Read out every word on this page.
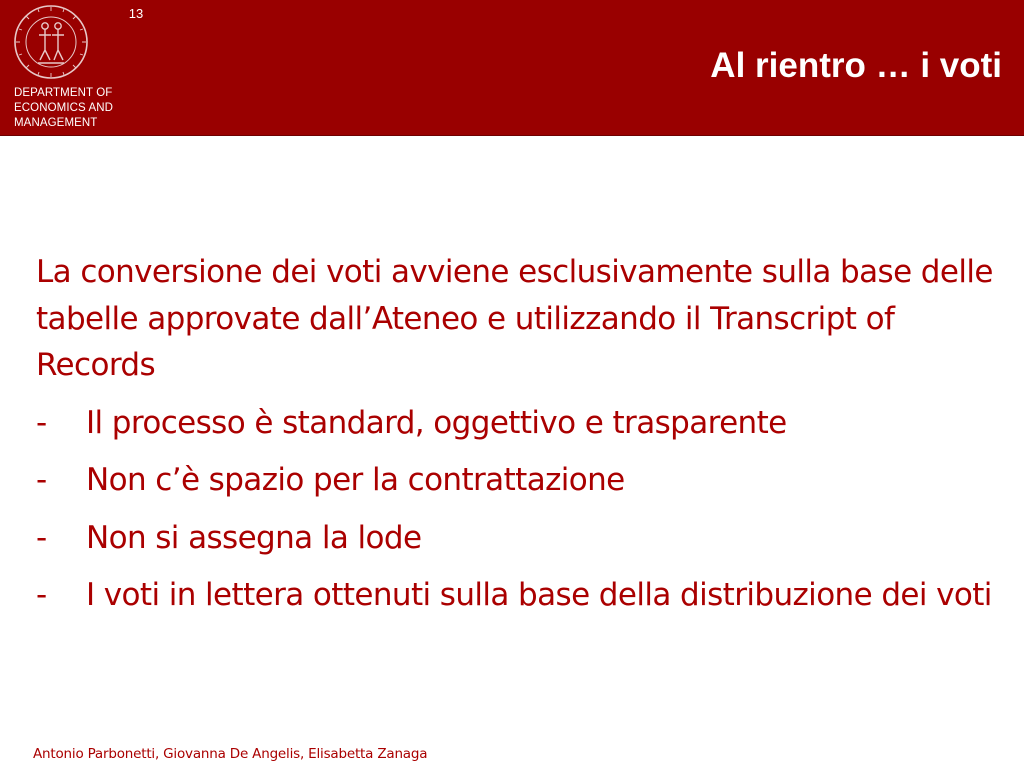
13
DEPARTMENT OF
ECONOMICS AND
MANAGEMENT
Al rientro … i voti

La conversione dei voti avviene esclusivamente sulla base delle tabelle approvate dall’Ateneo e utilizzando il Transcript of Records

-	Il processo è standard, oggettivo e trasparente
-	Non c’è spazio per la contrattazione
-	Non si assegna la lode
-	I voti in lettera ottenuti sulla base della distribuzione dei voti
Antonio Parbonetti, Giovanna De Angelis, Elisabetta Zanaga
